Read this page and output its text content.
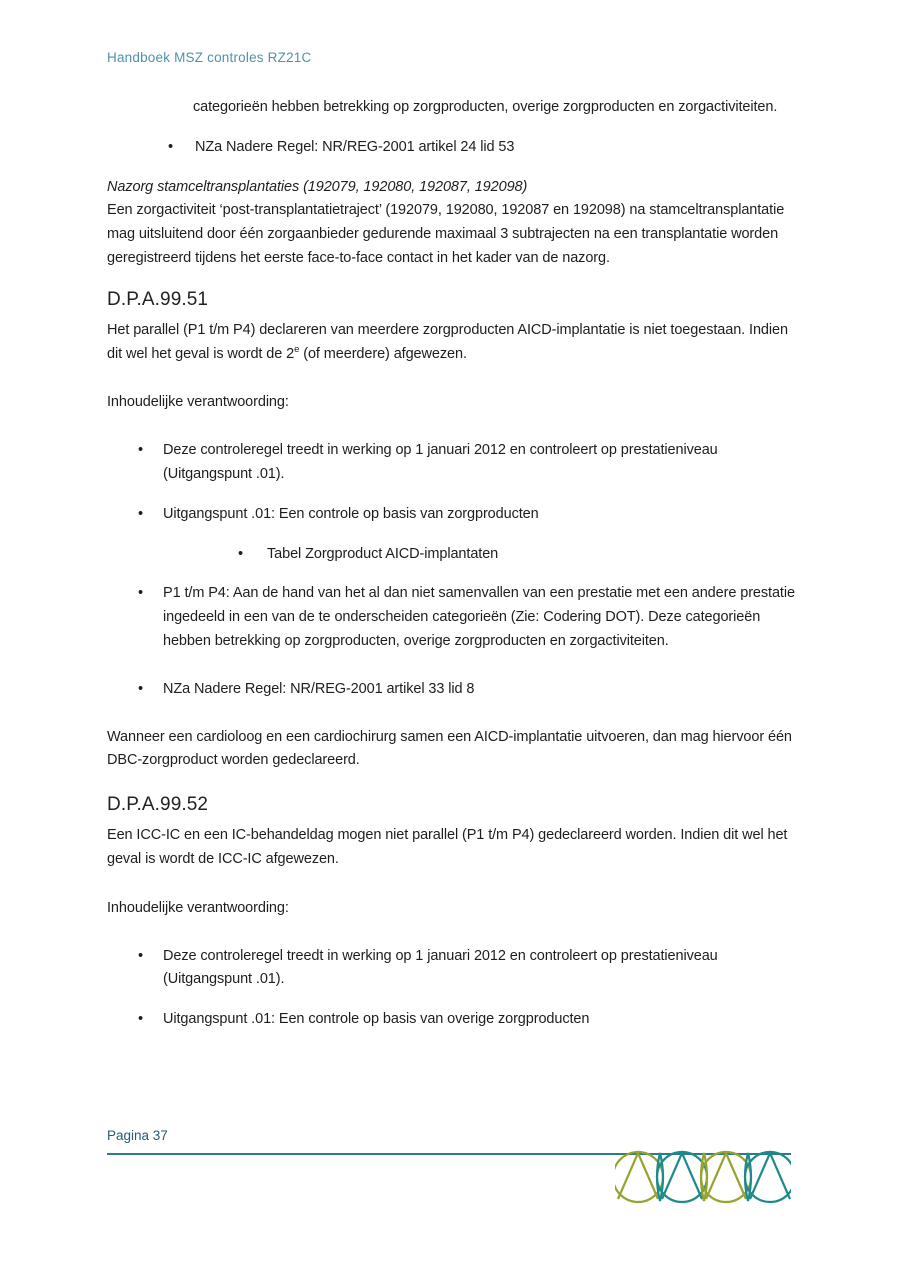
Handboek MSZ controles RZ21C

categorieën hebben betrekking op zorgproducten, overige zorgproducten en zorgactiviteiten.

•	NZa Nadere Regel: NR/REG-2001 artikel 24 lid 53

Nazorg stamceltransplantaties (192079, 192080, 192087, 192098)

Een zorgactiviteit ‘post-transplantatietraject’ (192079, 192080, 192087 en 192098) na stamceltransplantatie mag uitsluitend door één zorgaanbieder gedurende maximaal 3 subtrajecten na een transplantatie worden geregistreerd tijdens het eerste face-to-face contact in het kader van de nazorg.

D.P.A.99.51

Het parallel (P1 t/m P4) declareren van meerdere zorgproducten AICD-implantatie is niet toegestaan. Indien dit wel het geval is wordt de 2e (of meerdere) afgewezen.

Inhoudelijke verantwoording:

•	Deze controleregel treedt in werking op 1 januari 2012 en controleert op prestatieniveau (Uitgangspunt .01).
•	Uitgangspunt .01: Een controle op basis van zorgproducten
•	Tabel Zorgproduct AICD-implantaten
•	P1 t/m P4: Aan de hand van het al dan niet samenvallen van een prestatie met een andere prestatie ingedeeld in een van de te onderscheiden categorieën (Zie: Codering DOT). Deze categorieën hebben betrekking op zorgproducten, overige zorgproducten en zorgactiviteiten.
•	NZa Nadere Regel: NR/REG-2001 artikel 33 lid 8

Wanneer een cardioloog en een cardiochirurg samen een AICD-implantatie uitvoeren, dan mag hiervoor één DBC-zorgproduct worden gedeclareerd.

D.P.A.99.52

Een ICC-IC en een IC-behandeldag mogen niet parallel (P1 t/m P4) gedeclareerd worden. Indien dit wel het geval is wordt de ICC-IC afgewezen.

Inhoudelijke verantwoording:

•	Deze controleregel treedt in werking op 1 januari 2012 en controleert op prestatieniveau (Uitgangspunt .01).
•	Uitgangspunt .01: Een controle op basis van overige zorgproducten
Pagina 37
